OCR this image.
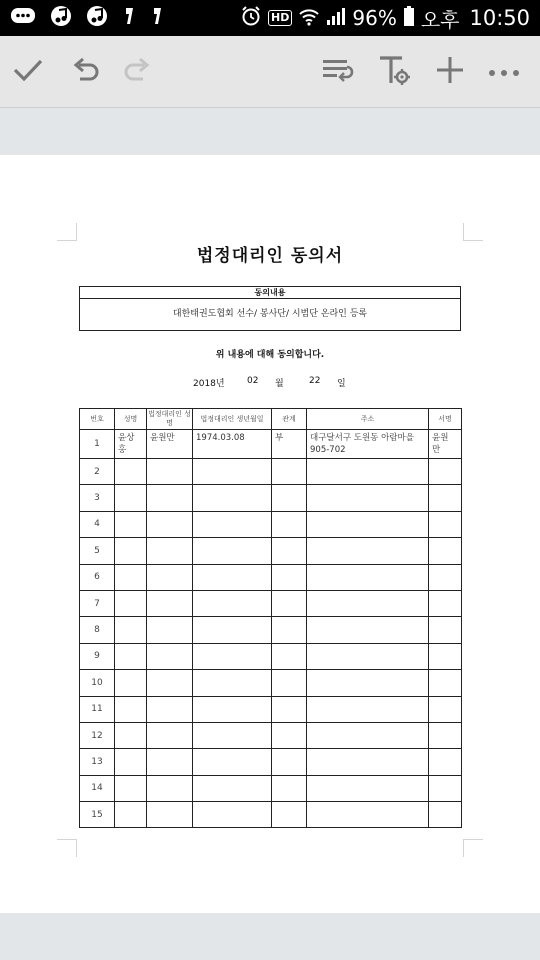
HD	96% 오후 10:50
법정대리인 동의서
동의내용
대한태권도협회 선수/ 봉사단/ 시범단 온라인 등록
위 내용에 대해 동의합니다.
2018년 02 월	22 일
번호	성명	법정대리인 성명	법정대리인 생년월일	관계	주소	서명
1	윤상 홍	윤원만	1974.03.08	부	대구달서구 도원동 아람마을 905-702	윤원 만
2						
3						
4						
5						
6						
7						
8						
9						
10						
11						
12						
13						
14						
15						
